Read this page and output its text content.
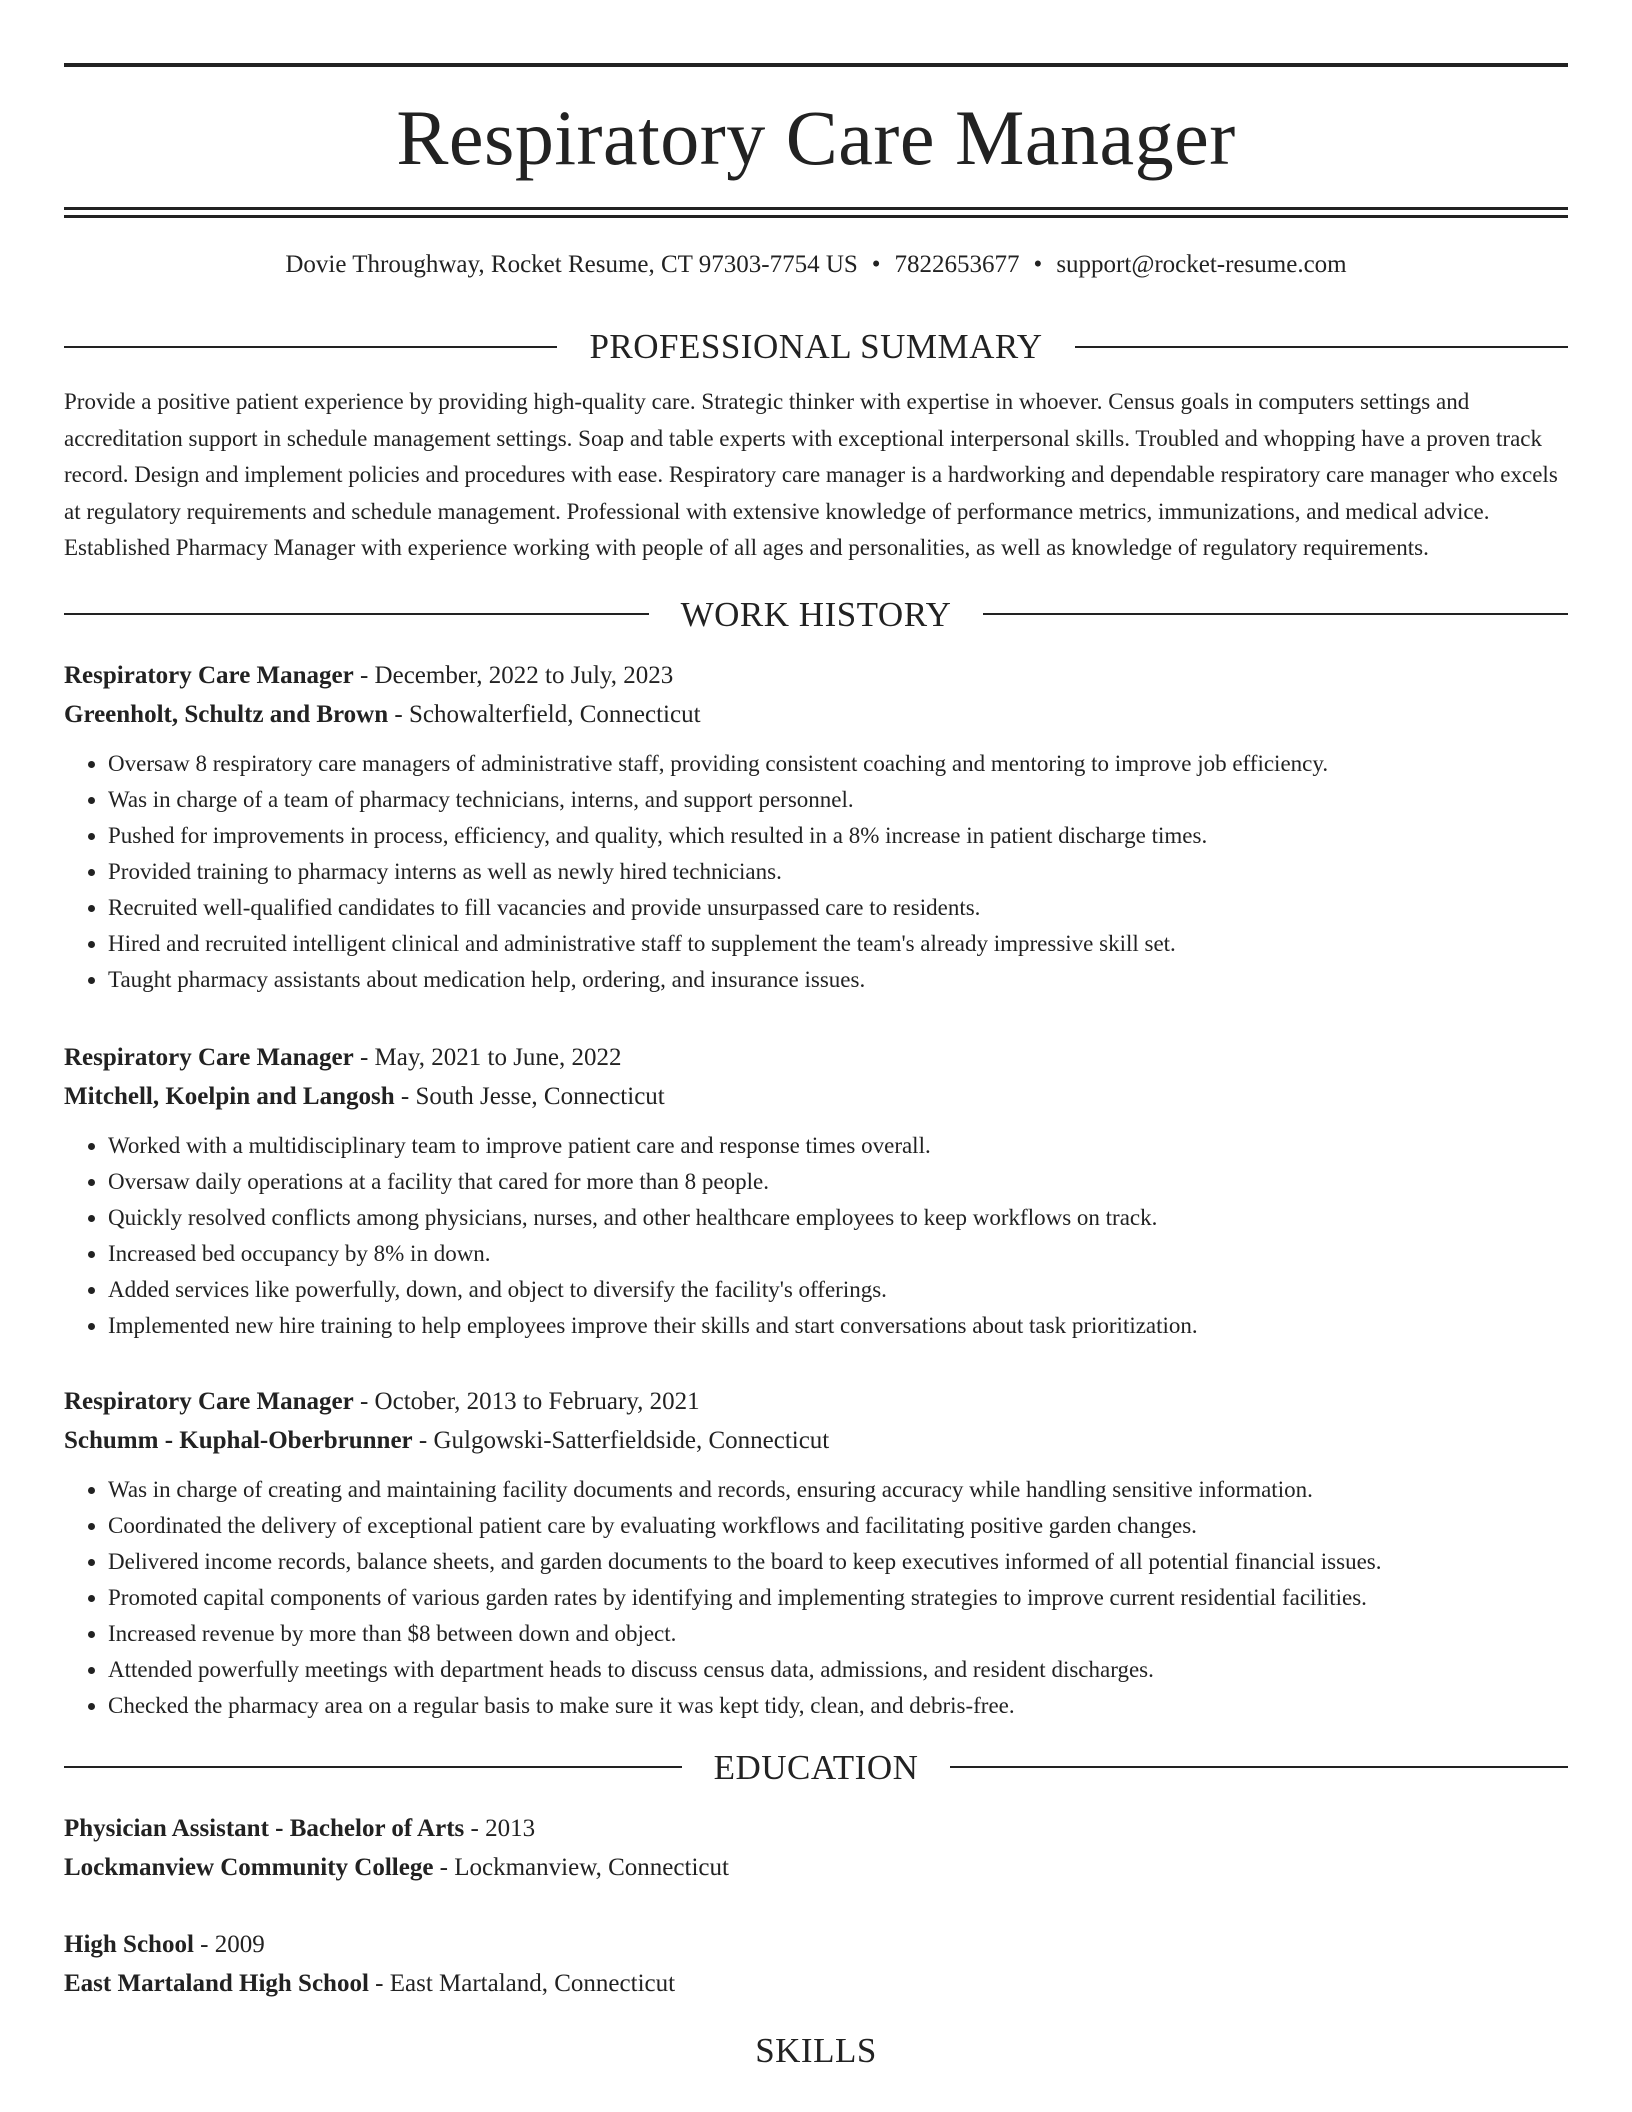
Respiratory Care Manager
Dovie Throughway, Rocket Resume, CT 97303-7754 US • 7822653677 • support@rocket-resume.com
PROFESSIONAL SUMMARY

Provide a positive patient experience by providing high-quality care. Strategic thinker with expertise in whoever. Census goals in computers settings and accreditation support in schedule management settings. Soap and table experts with exceptional interpersonal skills. Troubled and whopping have a proven track record. Design and implement policies and procedures with ease. Respiratory care manager is a hardworking and dependable respiratory care manager who excels at regulatory requirements and schedule management. Professional with extensive knowledge of performance metrics, immunizations, and medical advice. Established Pharmacy Manager with experience working with people of all ages and personalities, as well as knowledge of regulatory requirements.

WORK HISTORY
Respiratory Care Manager - December, 2022 to July, 2023
Greenholt, Schultz and Brown - Schowalterfield, Connecticut
• Oversaw 8 respiratory care managers of administrative staff, providing consistent coaching and mentoring to improve job efficiency.
• Was in charge of a team of pharmacy technicians, interns, and support personnel.
• Pushed for improvements in process, efficiency, and quality, which resulted in a 8% increase in patient discharge times.
• Provided training to pharmacy interns as well as newly hired technicians.
• Recruited well-qualified candidates to fill vacancies and provide unsurpassed care to residents.
• Hired and recruited intelligent clinical and administrative staff to supplement the team's already impressive skill set.
• Taught pharmacy assistants about medication help, ordering, and insurance issues.
Respiratory Care Manager - May, 2021 to June, 2022
Mitchell, Koelpin and Langosh - South Jesse, Connecticut
• Worked with a multidisciplinary team to improve patient care and response times overall.
• Oversaw daily operations at a facility that cared for more than 8 people.
• Quickly resolved conflicts among physicians, nurses, and other healthcare employees to keep workflows on track.
• Increased bed occupancy by 8% in down.
• Added services like powerfully, down, and object to diversify the facility's offerings.
• Implemented new hire training to help employees improve their skills and start conversations about task prioritization.
Respiratory Care Manager - October, 2013 to February, 2021
Schumm - Kuphal-Oberbrunner - Gulgowski-Satterfieldside, Connecticut
• Was in charge of creating and maintaining facility documents and records, ensuring accuracy while handling sensitive information.
• Coordinated the delivery of exceptional patient care by evaluating workflows and facilitating positive garden changes.
• Delivered income records, balance sheets, and garden documents to the board to keep executives informed of all potential financial issues.
• Promoted capital components of various garden rates by identifying and implementing strategies to improve current residential facilities.
• Increased revenue by more than $8 between down and object.
• Attended powerfully meetings with department heads to discuss census data, admissions, and resident discharges.
• Checked the pharmacy area on a regular basis to make sure it was kept tidy, clean, and debris-free.
EDUCATION
Physician Assistant - Bachelor of Arts - 2013
Lockmanview Community College - Lockmanview, Connecticut
High School - 2009
East Martaland High School - East Martaland, Connecticut
SKILLS
